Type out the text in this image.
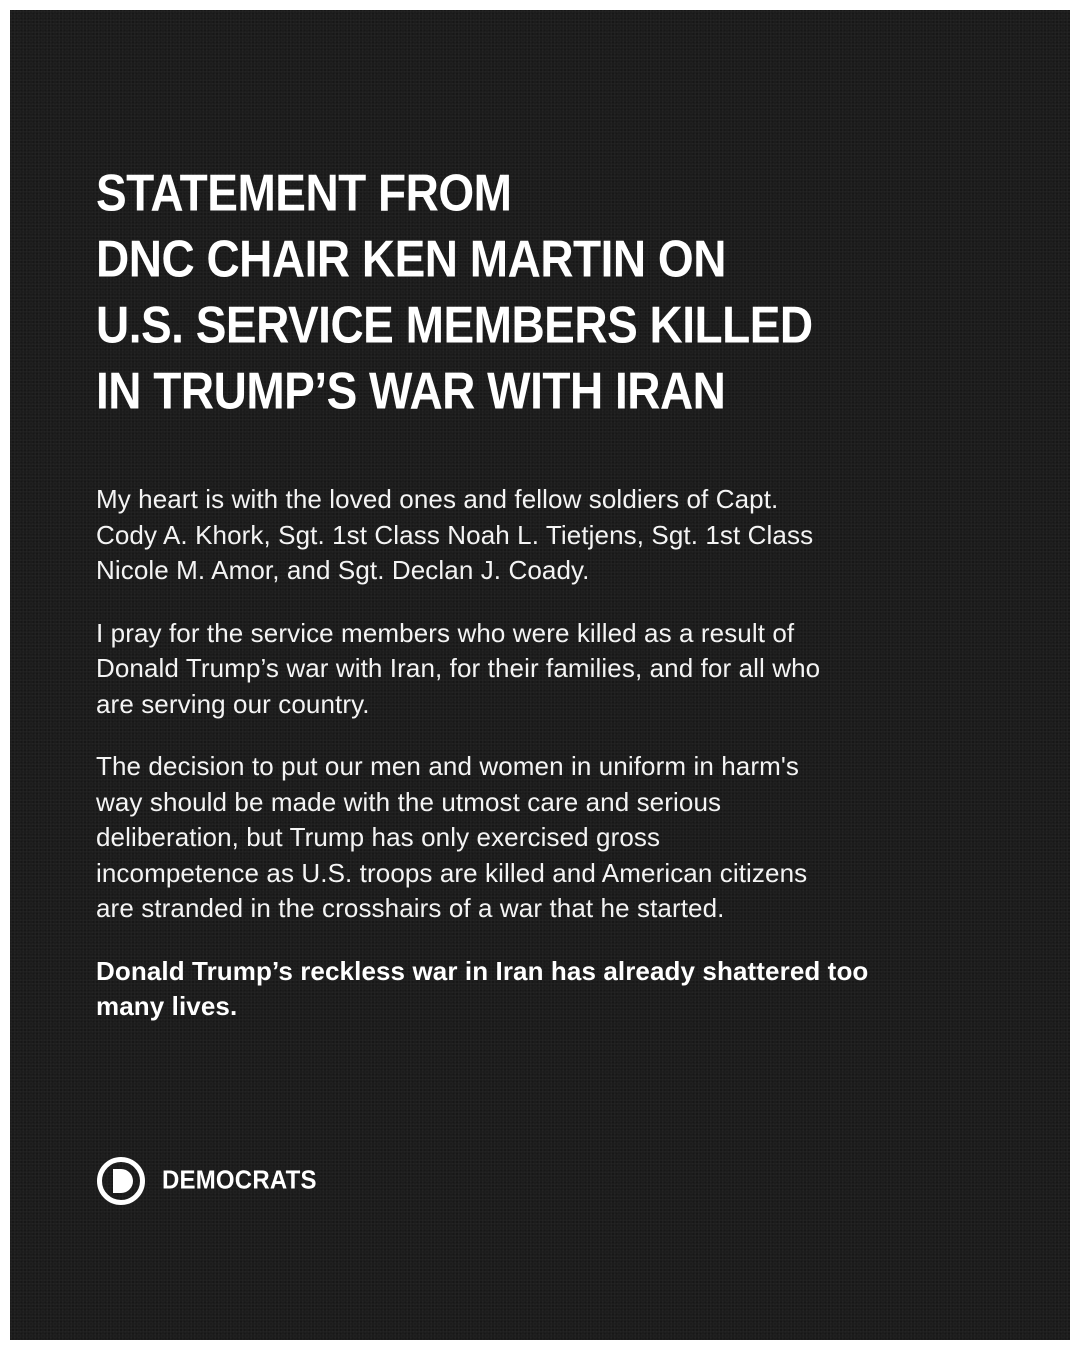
STATEMENT FROM
DNC CHAIR KEN MARTIN ON
U.S. SERVICE MEMBERS KILLED
IN TRUMP’S WAR WITH IRAN

My heart is with the loved ones and fellow soldiers of Capt.
Cody A. Khork, Sgt. 1st Class Noah L. Tietjens, Sgt. 1st Class
Nicole M. Amor, and Sgt. Declan J. Coady.

I pray for the service members who were killed as a result of
Donald Trump’s war with Iran, for their families, and for all who
are serving our country.

The decision to put our men and women in uniform in harm's
way should be made with the utmost care and serious
deliberation, but Trump has only exercised gross
incompetence as U.S. troops are killed and American citizens
are stranded in the crosshairs of a war that he started.

Donald Trump’s reckless war in Iran has already shattered too
many lives.

DEMOCRATS
